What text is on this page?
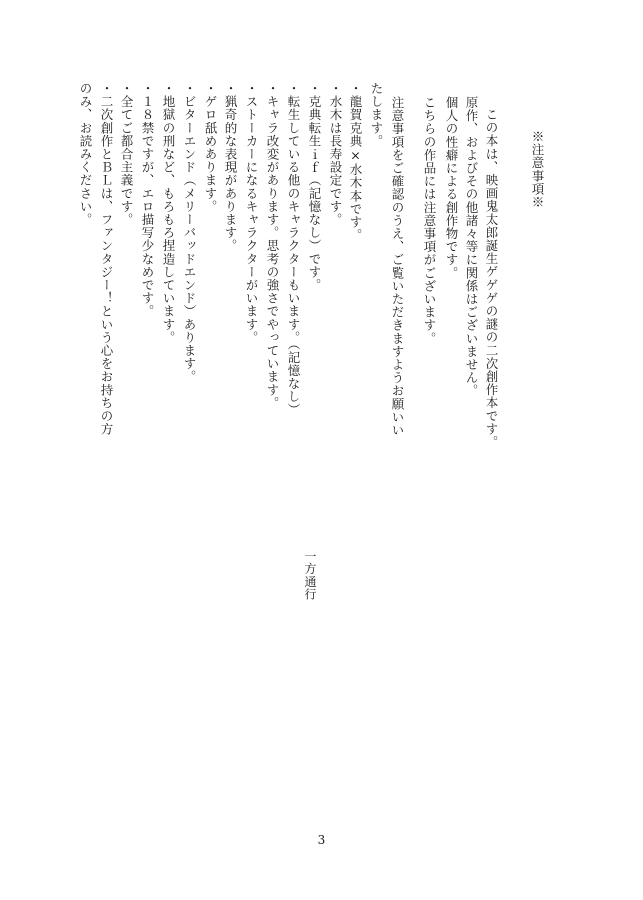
※注意事項※
この本は、映画鬼太郎誕生ゲゲゲの謎の二次創作本です。
原作、およびその他諸々等に関係はございません。
個人の性癖による創作物です。
こちらの作品には注意事項がございます。
注意事項をご確認のうえ、ご覧いただきますようお願いい
たします。
・龍賀克典×水木本です。
・水木は長寿設定です。
・克典転生ｉｆ（記憶なし）です。
・転生している他のキャラクターもいます。（記憶なし）
・キャラ改変があります。思考の強さでやっています。
・ストーカーになるキャラクターがいます。
・猟奇的な表現があります。
・ゲロ舐めあります。
・ビターエンド（メリーバッドエンド）あります。
・地獄の刑など、もろもろ捏造しています。
・１８禁ですが、エロ描写少なめです。
・全てご都合主義です。
・二次創作とＢＬは、ファンタジー！という心をお持ちの方
のみ、お読みください。
一方通行
3
